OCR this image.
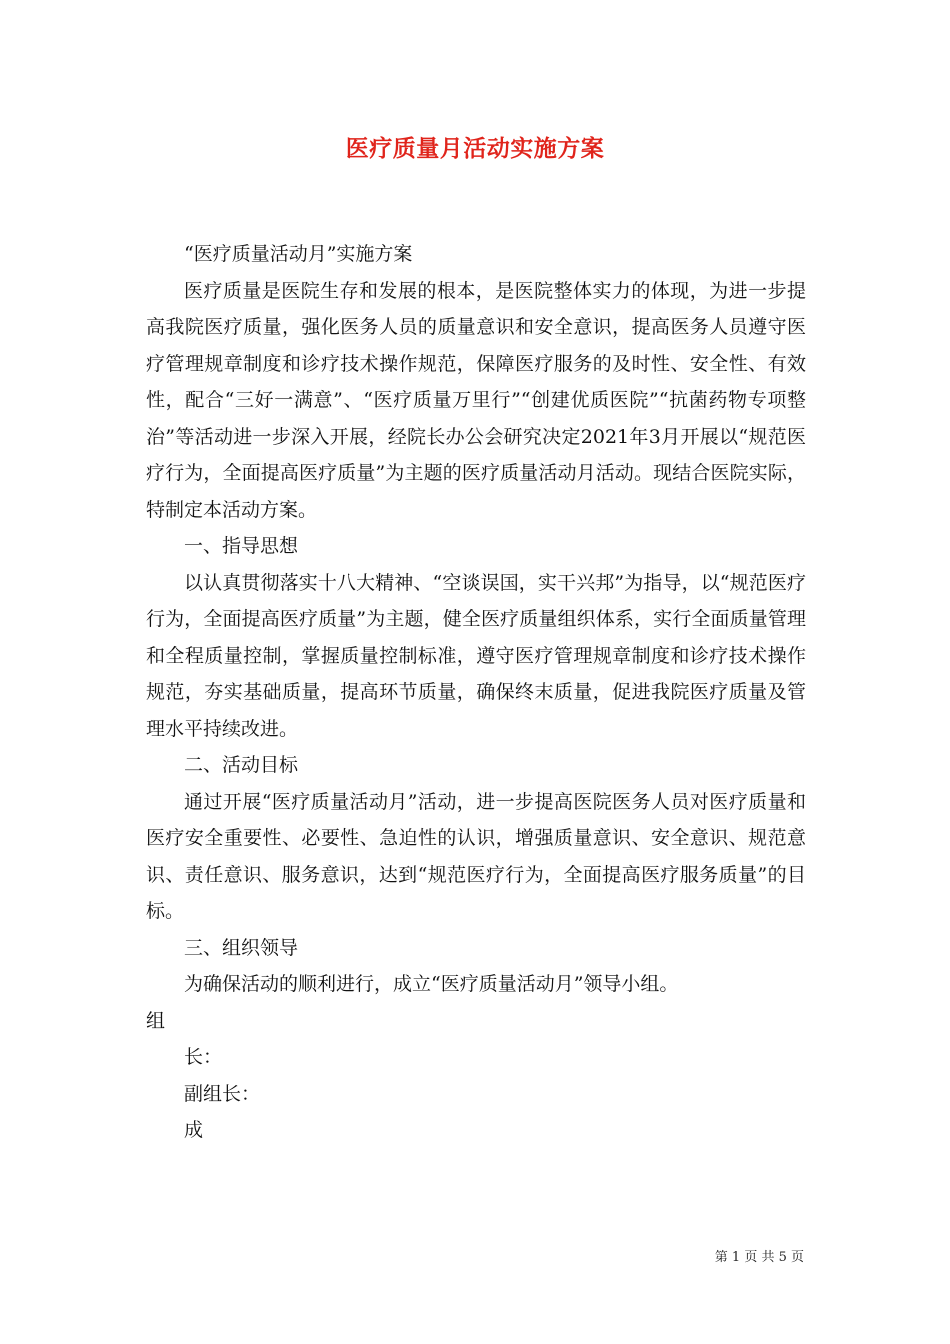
医疗质量月活动实施方案

“医疗质量活动月”实施方案

医疗质量是医院生存和发展的根本，是医院整体实力的体现，为进一步提高我院医疗质量，强化医务人员的质量意识和安全意识，提高医务人员遵守医疗管理规章制度和诊疗技术操作规范，保障医疗服务的及时性、安全性、有效性，配合“三好一满意”、“医疗质量万里行”“创建优质医院”“抗菌药物专项整治”等活动进一步深入开展，经院长办公会研究决定2021年3月开展以“规范医疗行为，全面提高医疗质量”为主题的医疗质量活动月活动。现结合医院实际，特制定本活动方案。

一、指导思想

以认真贯彻落实十八大精神、“空谈误国，实干兴邦”为指导，以“规范医疗行为，全面提高医疗质量”为主题，健全医疗质量组织体系，实行全面质量管理和全程质量控制，掌握质量控制标准，遵守医疗管理规章制度和诊疗技术操作规范，夯实基础质量，提高环节质量，确保终末质量，促进我院医疗质量及管理水平持续改进。

二、活动目标

通过开展“医疗质量活动月”活动，进一步提高医院医务人员对医疗质量和医疗安全重要性、必要性、急迫性的认识，增强质量意识、安全意识、规范意识、责任意识、服务意识，达到“规范医疗行为，全面提高医疗服务质量”的目标。

三、组织领导

为确保活动的顺利进行，成立“医疗质量活动月”领导小组。

组

长：

副组长：

成

第 1 页 共 5 页
